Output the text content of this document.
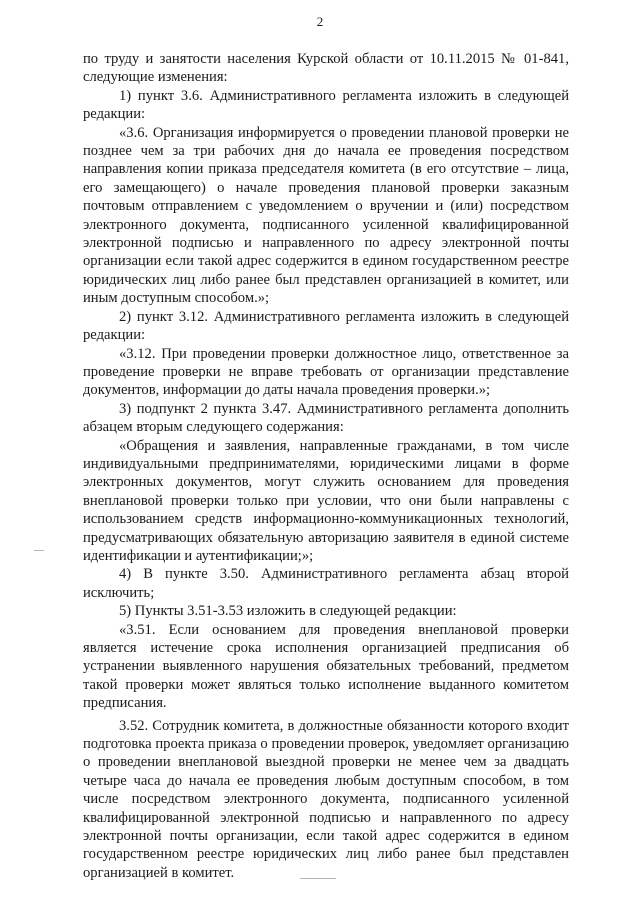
2

по труду и занятости населения Курской области от 10.11.2015 № 01-841, следующие изменения:

1) пункт 3.6. Административного регламента изложить в следующей редакции:

«3.6. Организация информируется о проведении плановой проверки не позднее чем за три рабочих дня до начала ее проведения посредством направления копии приказа председателя комитета (в его отсутствие – лица, его замещающего) о начале проведения плановой проверки заказным почтовым отправлением с уведомлением о вручении и (или) посредством электронного документа, подписанного усиленной квалифицированной электронной подписью и направленного по адресу электронной почты организации если такой адрес содержится в едином государственном реестре юридических лиц либо ранее был представлен организацией в комитет, или иным доступным способом.»;

2) пункт 3.12. Административного регламента изложить в следующей редакции:

«3.12. При проведении проверки должностное лицо, ответственное за проведение проверки не вправе требовать от организации представление документов, информации до даты начала проведения проверки.»;

3) подпункт 2 пункта 3.47. Административного регламента дополнить абзацем вторым следующего содержания:

«Обращения и заявления, направленные гражданами, в том числе индивидуальными предпринимателями, юридическими лицами в форме электронных документов, могут служить основанием для проведения внеплановой проверки только при условии, что они были направлены с использованием средств информационно-коммуникационных технологий, предусматривающих обязательную авторизацию заявителя в единой системе идентификации и аутентификации;»;

4) В пункте 3.50. Административного регламента абзац второй исключить;

5) Пункты 3.51-3.53 изложить в следующей редакции:

«3.51. Если основанием для проведения внеплановой проверки является истечение срока исполнения организацией предписания об устранении выявленного нарушения обязательных требований, предметом такой проверки может являться только исполнение выданного комитетом предписания.

3.52. Сотрудник комитета, в должностные обязанности которого входит подготовка проекта приказа о проведении проверок, уведомляет организацию о проведении внеплановой выездной проверки не менее чем за двадцать четыре часа до начала ее проведения любым доступным способом, в том числе посредством электронного документа, подписанного усиленной квалифицированной электронной подписью и направленного по адресу электронной почты организации, если такой адрес содержится в едином государственном реестре юридических лиц либо ранее был представлен организацией в комитет.
